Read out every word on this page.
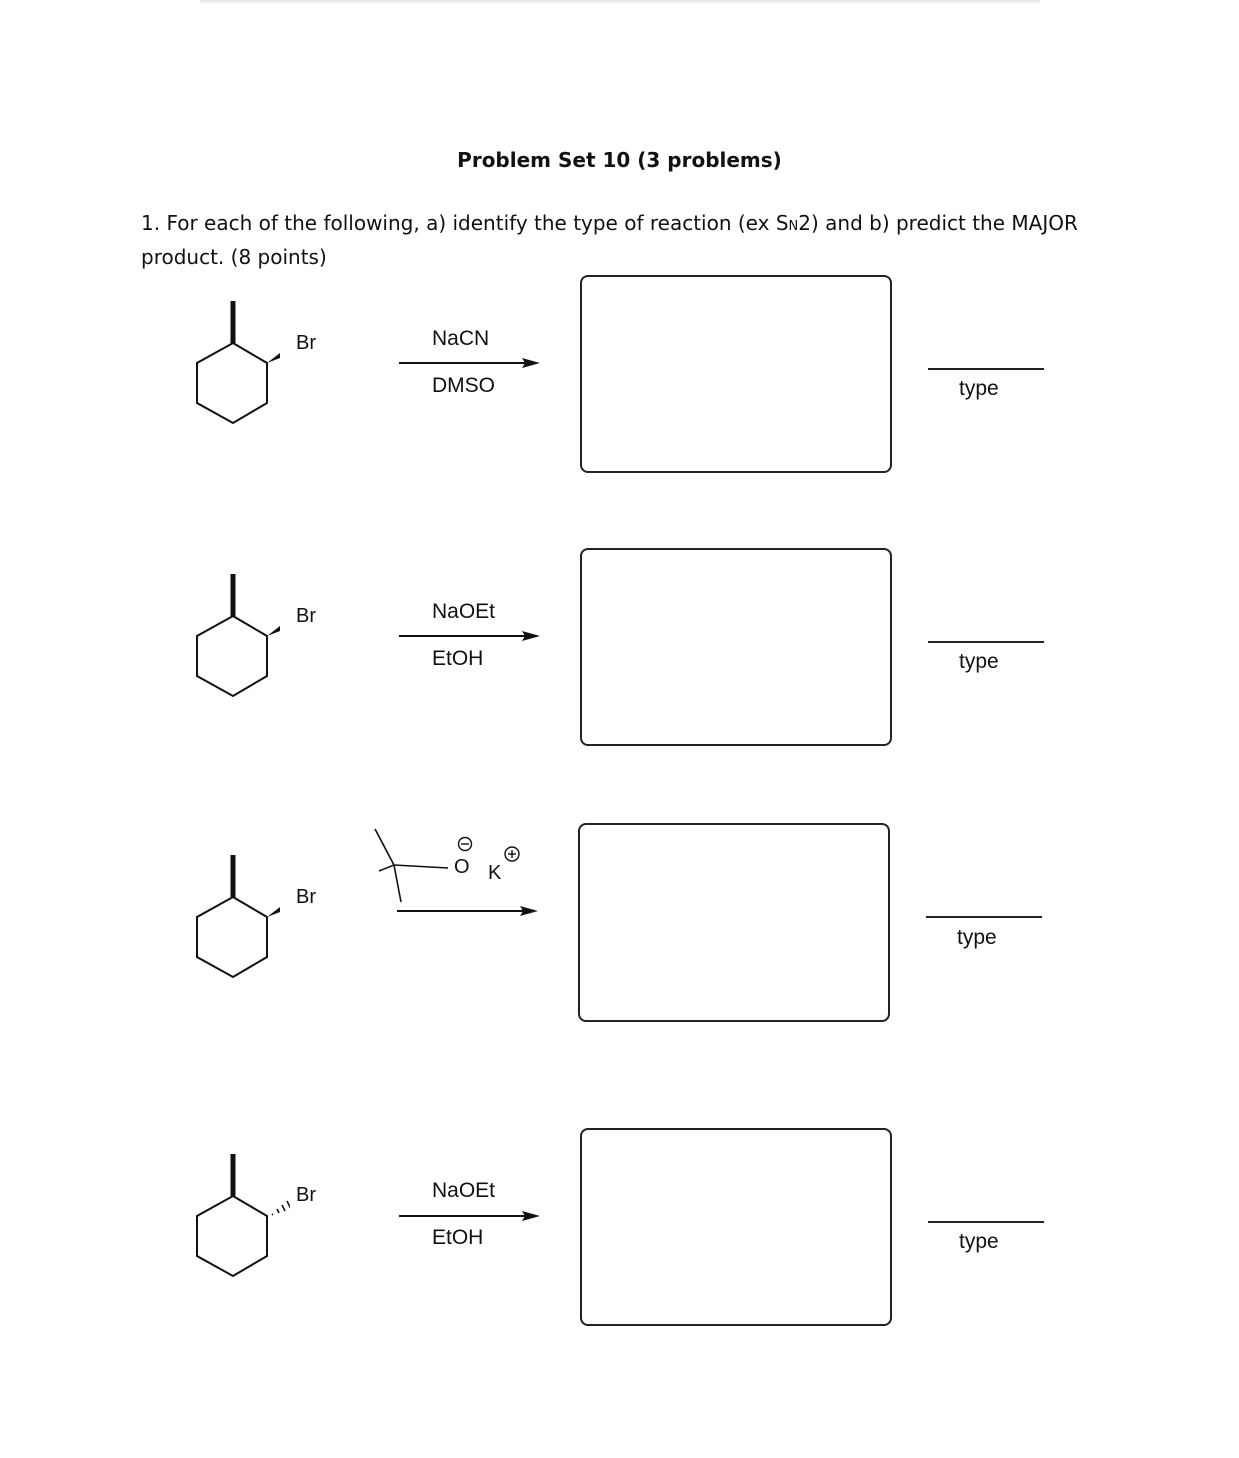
Problem Set 10 (3 problems)
1. For each of the following, a) identify the type of reaction (ex SN2) and b) predict the MAJOR product. (8 points)
Br	NaCN
DMSO	type
Br	NaOEt
EtOH	type
Br
O K
type
Br	NaOEt
EtOH	type
